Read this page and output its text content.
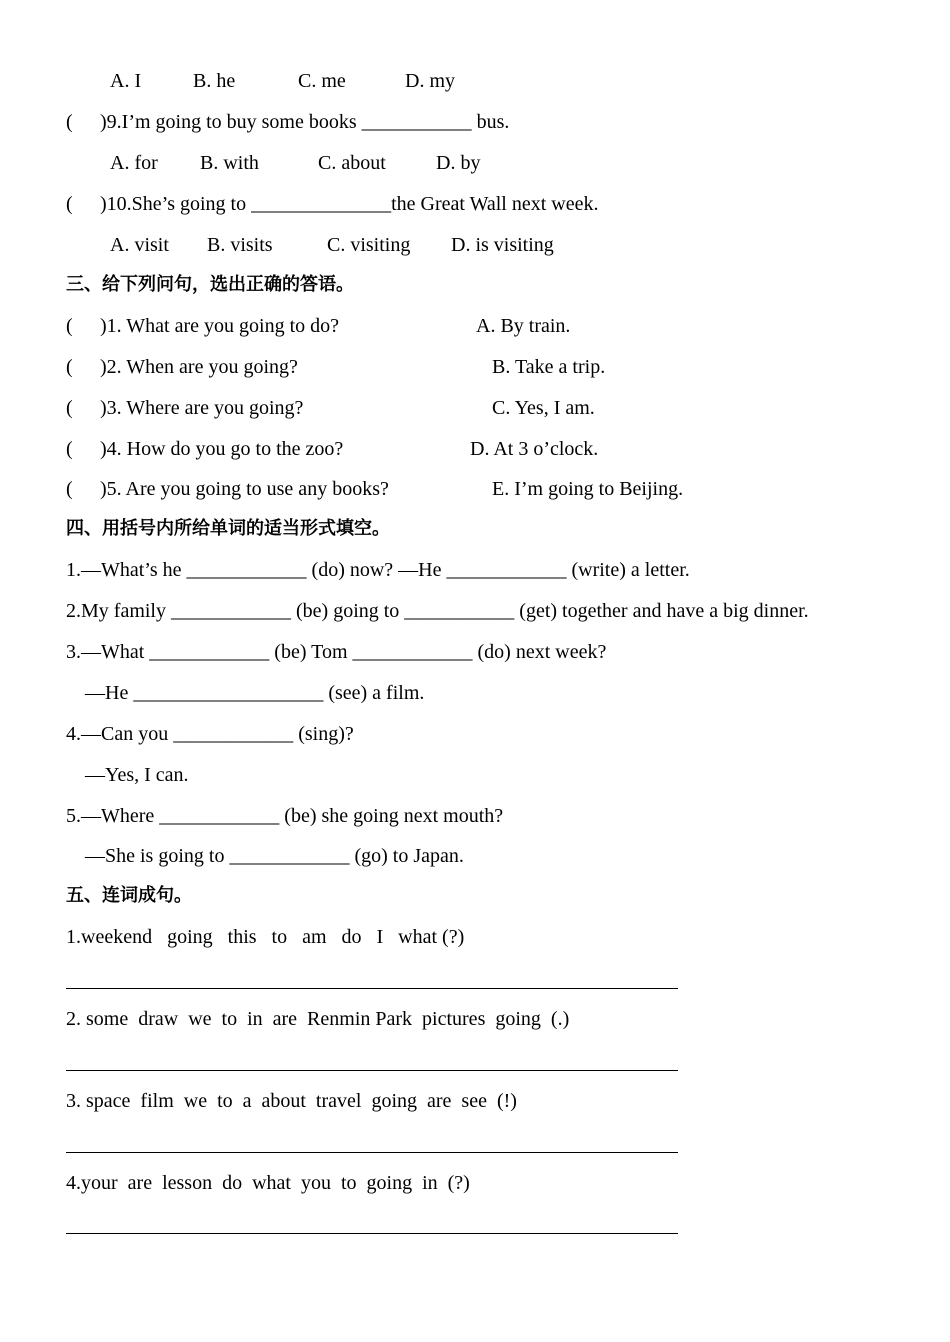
A. I	B. he	C. me	D. my
( )9.I’m going to buy some books ___________ bus.
A. for B. with	C. about	D. by
( )10.She’s going to ______________the Great Wall next week.
A. visit B. visits	C. visiting D. is visiting
三、给下列问句，选出正确的答语。
( )1. What are you going to do?	A. By train.
( )2. When are you going?	B. Take a trip.
( )3. Where are you going?	C. Yes, I am.
( )4. How do you go to the zoo?	D. At 3 o’clock.
( )5. Are you going to use any books?	E. I’m going to Beijing.
四、用括号内所给单词的适当形式填空。
1.—What’s he ____________ (do) now? —He ____________ (write) a letter.
2.My family ____________ (be) going to ___________ (get) together and have a big dinner.
3.—What ____________ (be) Tom ____________ (do) next week?
—He ___________________ (see) a film.
4.—Can you ____________ (sing)?
—Yes, I can.
5.—Where ____________ (be) she going next mouth?
—She is going to ____________ (go) to Japan.
五、连词成句。
1.weekend   going   this   to   am   do   I   what (?)
2. some  draw  we  to  in  are  Renmin Park  pictures  going  (.)
3. space  film  we  to  a  about  travel  going  are  see  (!)
4.your  are  lesson  do  what  you  to  going  in  (?)
